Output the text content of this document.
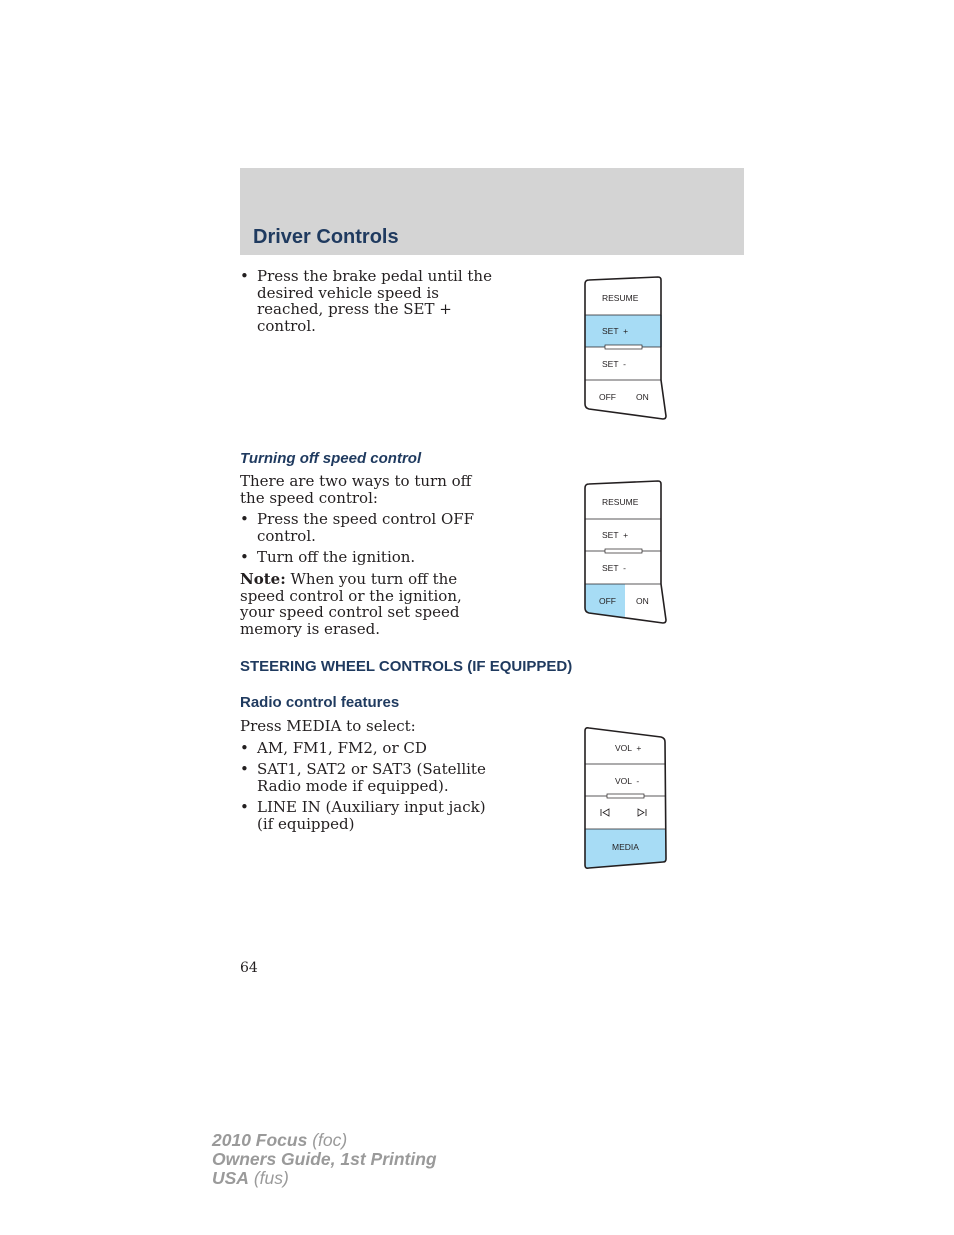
Driver Controls
• Press the brake pedal until the desired vehicle speed is reached, press the SET + control.
RESUME
SET  +
SET  -
OFF ON
Turning off speed control

There are two ways to turn off the speed control:

• Press the speed control OFF control.
• Turn off the ignition.

Note: When you turn off the speed control or the ignition, your speed control set speed memory is erased.

RESUME
SET  +
SET  -
OFF ON
STEERING WHEEL CONTROLS (IF EQUIPPED)
Radio control features

Press MEDIA to select:

• AM, FM1, FM2, or CD
• SAT1, SAT2 or SAT3 (Satellite Radio mode if equipped).
• LINE IN (Auxiliary input jack) (if equipped)
VOL  +
VOL  -
MEDIA

64

2010 Focus (foc)
Owners Guide, 1st Printing
USA (fus)
